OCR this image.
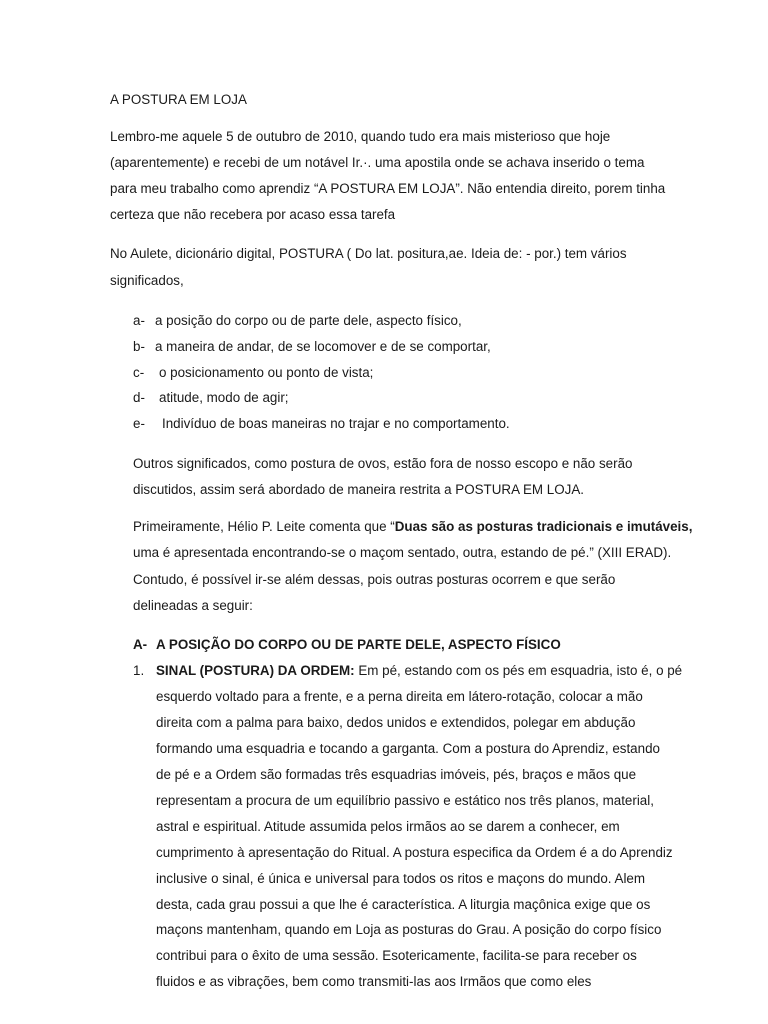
A POSTURA EM LOJA
Lembro-me aquele 5 de outubro de 2010, quando tudo era mais misterioso que hoje
(aparentemente) e recebi de um notável Ir.·. uma apostila onde se achava inserido o tema
para meu trabalho como aprendiz “A POSTURA EM LOJA”. Não entendia direito, porem tinha
certeza que não recebera por acaso essa tarefa
No Aulete, dicionário digital, POSTURA ( Do lat. positura,ae. Ideia de: - por.) tem vários
significados,
a- a posição do corpo ou de parte dele, aspecto físico,
b- a maneira de andar, de se locomover e de se comportar,
c- o posicionamento ou ponto de vista;
d- atitude, modo de agir;
e- Indivíduo de boas maneiras no trajar e no comportamento.
Outros significados, como postura de ovos, estão fora de nosso escopo e não serão
discutidos, assim será abordado de maneira restrita a POSTURA EM LOJA.
Primeiramente, Hélio P. Leite comenta que “Duas são as posturas tradicionais e imutáveis,
uma é apresentada encontrando-se o maçom sentado, outra, estando de pé.” (XIII ERAD).
Contudo, é possível ir-se além dessas, pois outras posturas ocorrem e que serão
delineadas a seguir:
A- A POSIÇÃO DO CORPO OU DE PARTE DELE, ASPECTO FÍSICO
1. SINAL (POSTURA) DA ORDEM: Em pé, estando com os pés em esquadria, isto é, o pé
esquerdo voltado para a frente, e a perna direita em látero-rotação, colocar a mão
direita com a palma para baixo, dedos unidos e extendidos, polegar em abdução
formando uma esquadria e tocando a garganta. Com a postura do Aprendiz, estando
de pé e a Ordem são formadas três esquadrias imóveis, pés, braços e mãos que
representam a procura de um equilíbrio passivo e estático nos três planos, material,
astral e espiritual. Atitude assumida pelos irmãos ao se darem a conhecer, em
cumprimento à apresentação do Ritual. A postura especifica da Ordem é a do Aprendiz
inclusive o sinal, é única e universal para todos os ritos e maçons do mundo. Alem
desta, cada grau possui a que lhe é característica. A liturgia maçônica exige que os
maçons mantenham, quando em Loja as posturas do Grau. A posição do corpo físico
contribui para o êxito de uma sessão. Esotericamente, facilita-se para receber os
fluidos e as vibrações, bem como transmiti-las aos Irmãos que como eles
